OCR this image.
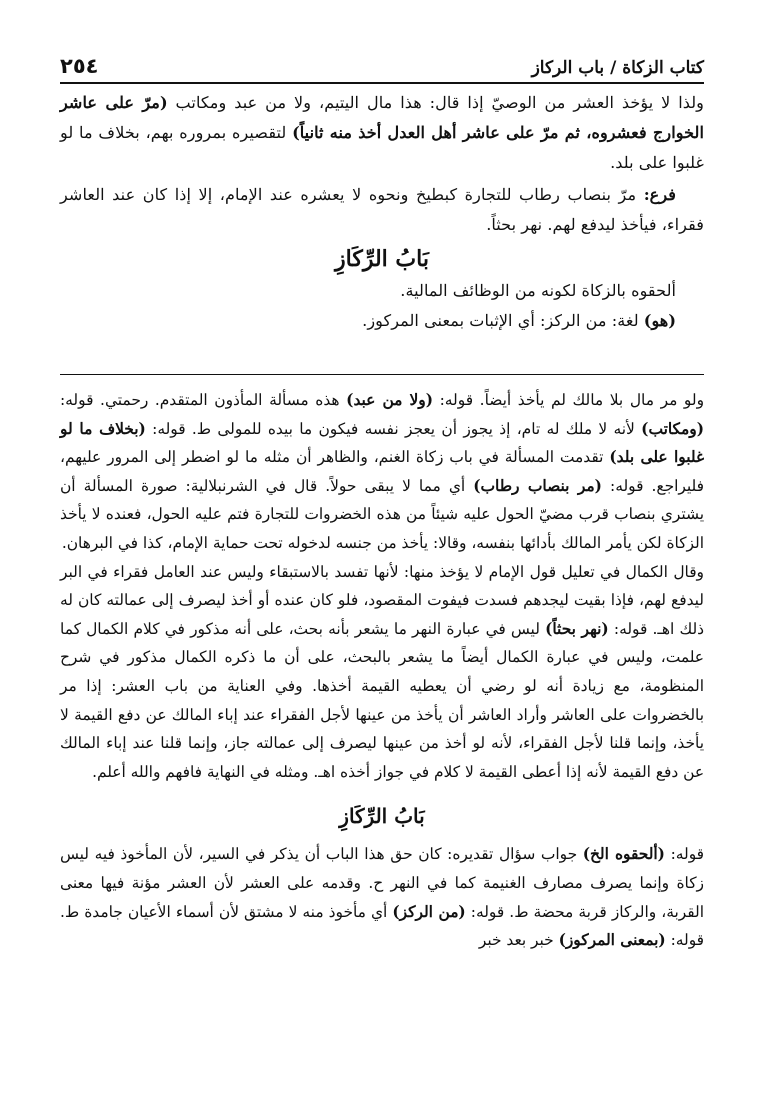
كتاب الزكاة / باب الركاز
٢٥٤

ولذا لا يؤخذ العشر من الوصيّ إذا قال: هذا مال اليتيم، ولا من عبد ومكاتب (مرّ على عاشر الخوارج فعشروه، ثم مرّ على عاشر أهل العدل أخذ منه ثانياً) لتقصيره بمروره بهم، بخلاف ما لو غلبوا على بلد.

فرع: مرّ بنصاب رطاب للتجارة كبطيخ ونحوه لا يعشره عند الإمام، إلا إذا كان عند العاشر فقراء، فيأخذ ليدفع لهم. نهر بحثاً.

بَابُ الرِّكَازِ

ألحقوه بالزكاة لكونه من الوظائف المالية.

(هو) لغة: من الركز: أي الإثبات بمعنى المركوز.

ولو مر مال بلا مالك لم يأخذ أيضاً. قوله: (ولا من عبد) هذه مسألة المأذون المتقدم. رحمتي. قوله: (ومكاتب) لأنه لا ملك له تام، إذ يجوز أن يعجز نفسه فيكون ما بيده للمولى ط. قوله: (بخلاف ما لو غلبوا على بلد) تقدمت المسألة في باب زكاة الغنم، والظاهر أن مثله ما لو اضطر إلى المرور عليهم، فليراجع. قوله: (مر بنصاب رطاب) أي مما لا يبقى حولاً. قال في الشرنبلالية: صورة المسألة أن يشتري بنصاب قرب مضيّ الحول عليه شيئاً من هذه الخضروات للتجارة فتم عليه الحول، فعنده لا يأخذ الزكاة لكن يأمر المالك بأدائها بنفسه، وقالا: يأخذ من جنسه لدخوله تحت حماية الإمام، كذا في البرهان.

وقال الكمال في تعليل قول الإمام لا يؤخذ منها: لأنها تفسد بالاستبقاء وليس عند العامل فقراء في البر ليدفع لهم، فإذا بقيت ليجدهم فسدت فيفوت المقصود، فلو كان عنده أو أخذ ليصرف إلى عمالته كان له ذلك اهـ. قوله: (نهر بحثاً) ليس في عبارة النهر ما يشعر بأنه بحث، على أنه مذكور في كلام الكمال كما علمت، وليس في عبارة الكمال أيضاً ما يشعر بالبحث، على أن ما ذكره الكمال مذكور في شرح المنظومة، مع زيادة أنه لو رضي أن يعطيه القيمة أخذها. وفي العناية من باب العشر: إذا مر بالخضروات على العاشر وأراد العاشر أن يأخذ من عينها لأجل الفقراء عند إباء المالك عن دفع القيمة لا يأخذ، وإنما قلنا لأجل الفقراء، لأنه لو أخذ من عينها ليصرف إلى عمالته جاز، وإنما قلنا عند إباء المالك عن دفع القيمة لأنه إذا أعطى القيمة لا كلام في جواز أخذه اهـ. ومثله في النهاية فافهم والله أعلم.

بَابُ الرِّكَازِ

قوله: (ألحقوه الخ) جواب سؤال تقديره: كان حق هذا الباب أن يذكر في السير، لأن المأخوذ فيه ليس زكاة وإنما يصرف مصارف الغنيمة كما في النهر ح. وقدمه على العشر لأن العشر مؤنة فيها معنى القربة، والركاز قربة محضة ط. قوله: (من الركز) أي مأخوذ منه لا مشتق لأن أسماء الأعيان جامدة ط. قوله: (بمعنى المركوز) خبر بعد خبر
